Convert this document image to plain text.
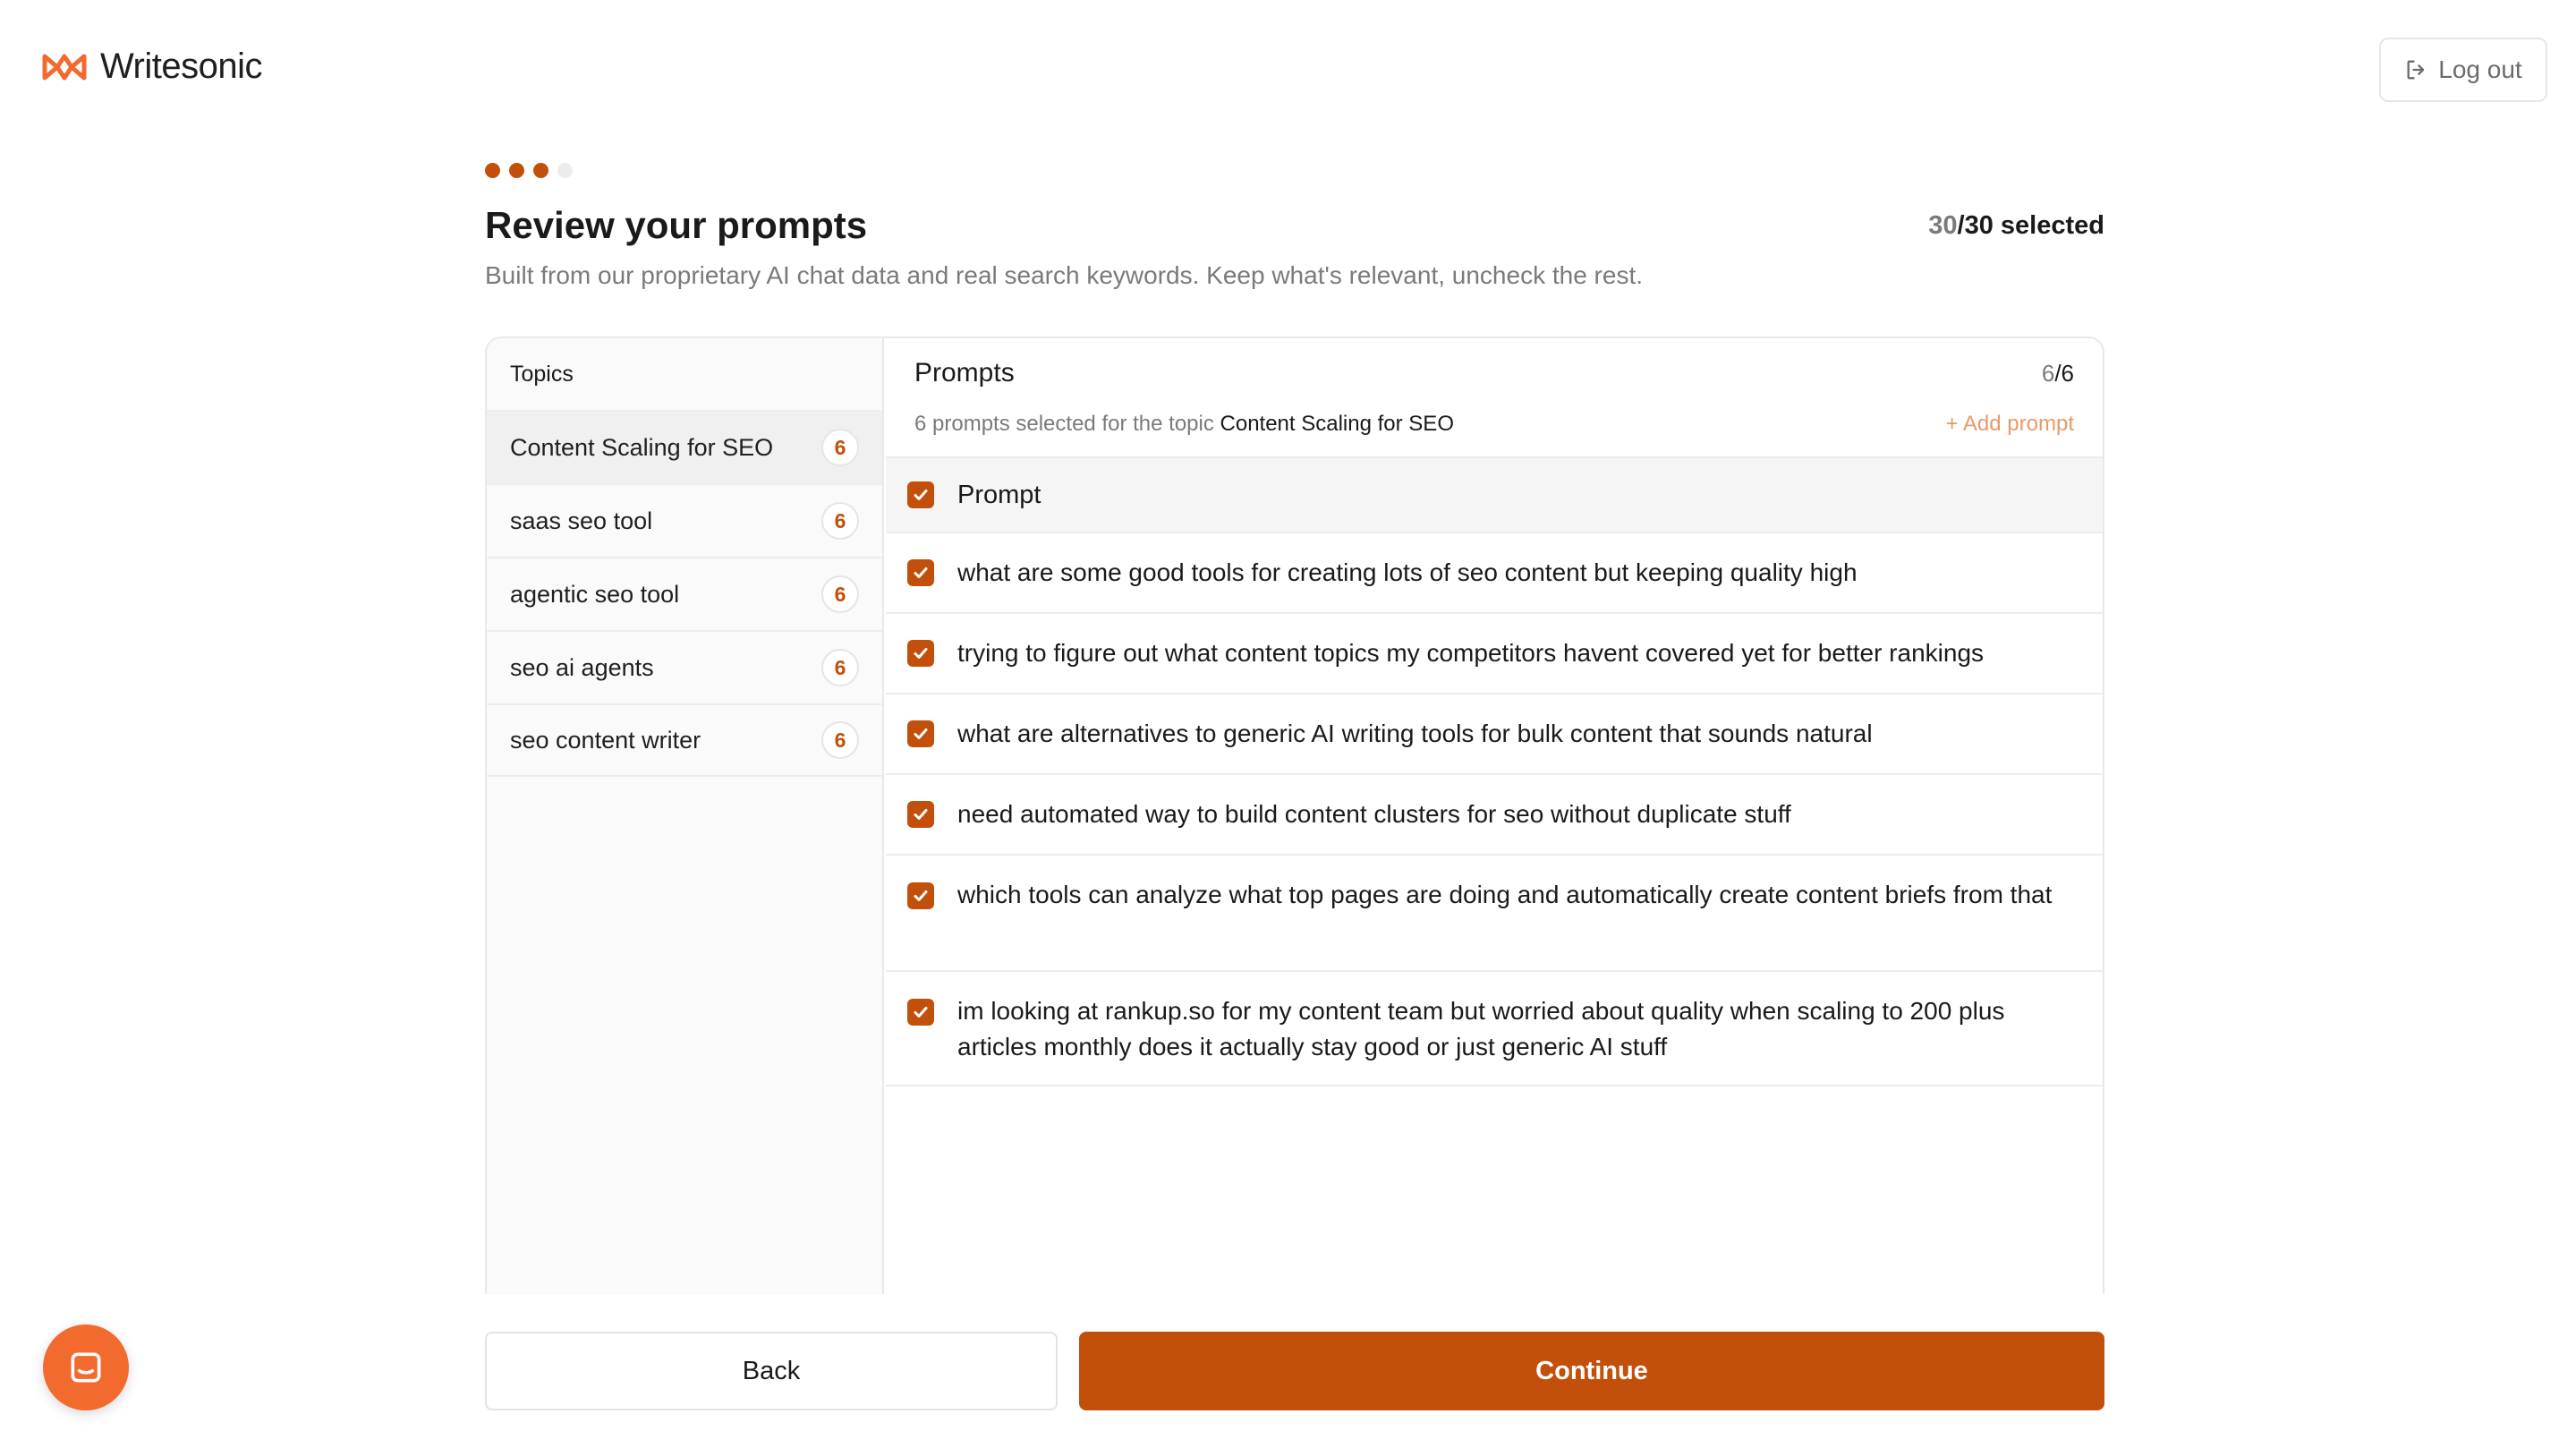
Writesonic	Log out
Review your prompts	30/30 selected

Built from our proprietary AI chat data and real search keywords. Keep what's relevant, uncheck the rest.

Topics
Content Scaling for SEO	6
saas seo tool	6
agentic seo tool	6
seo ai agents	6
seo content writer	6
Prompts	6/6
6 prompts selected for the topic Content Scaling for SEO	+ Add prompt
Prompt
what are some good tools for creating lots of seo content but keeping quality high
trying to figure out what content topics my competitors havent covered yet for better rankings
what are alternatives to generic AI writing tools for bulk content that sounds natural
need automated way to build content clusters for seo without duplicate stuff
which tools can analyze what top pages are doing and automatically create content briefs from that
im looking at rankup.so for my content team but worried about quality when scaling to 200 plus articles monthly does it actually stay good or just generic AI stuff
Back	Continue
